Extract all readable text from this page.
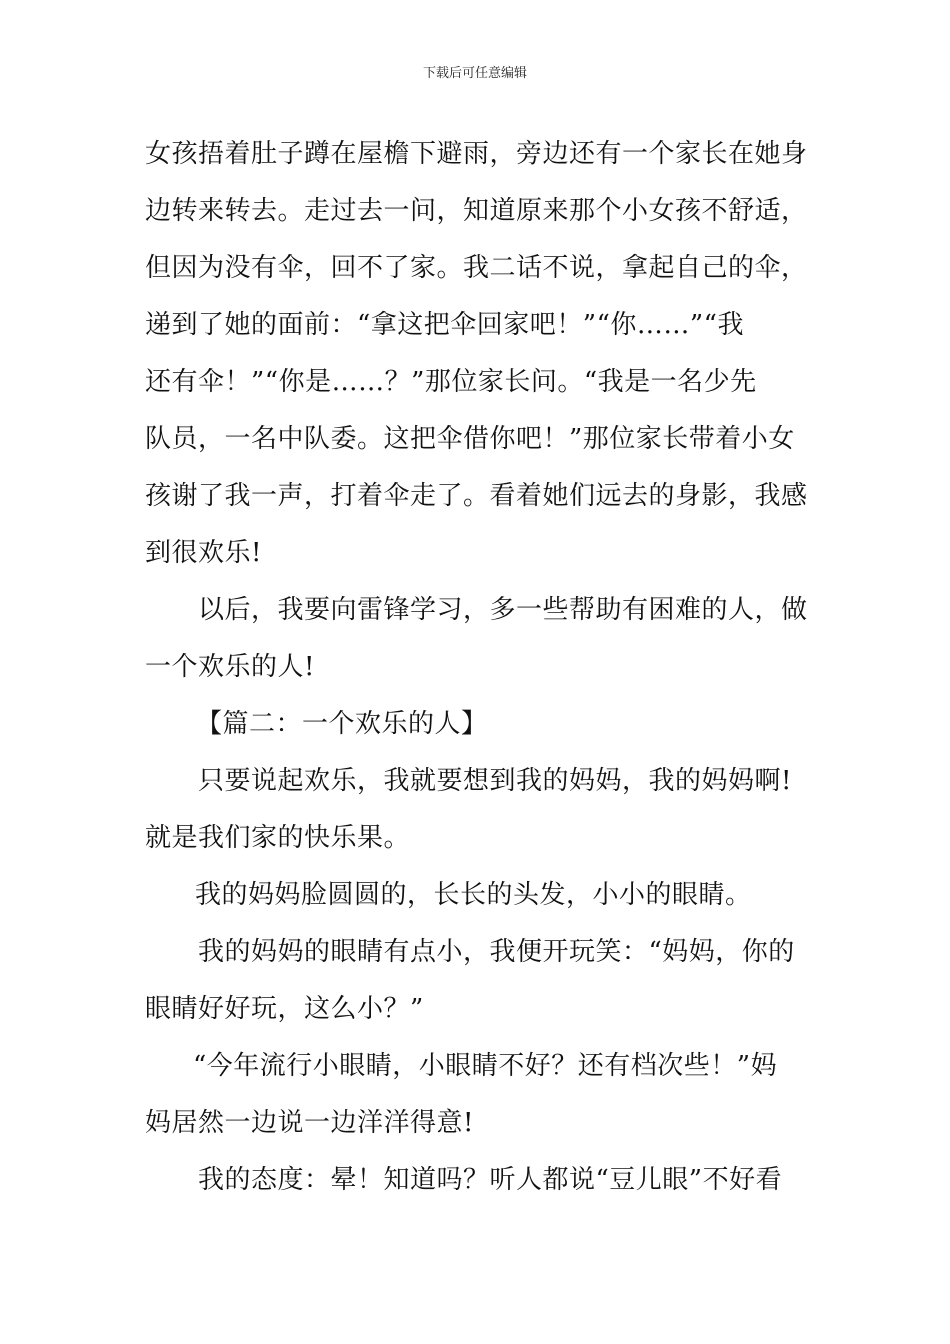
下载后可任意编辑
女孩捂着肚子蹲在屋檐下避雨，旁边还有一个家长在她身
边转来转去。走过去一问，知道原来那个小女孩不舒适，
但因为没有伞，回不了家。我二话不说，拿起自己的伞，
递到了她的面前：“拿这把伞回家吧！”“你……”“我
还有伞！”“你是……？”那位家长问。“我是一名少先
队员，一名中队委。这把伞借你吧！”那位家长带着小女
孩谢了我一声，打着伞走了。看着她们远去的身影，我感
到很欢乐!
以后，我要向雷锋学习，多一些帮助有困难的人，做
一个欢乐的人!
【篇二：一个欢乐的人】
只要说起欢乐，我就要想到我的妈妈，我的妈妈啊!
就是我们家的快乐果。
我的妈妈脸圆圆的，长长的头发，小小的眼睛。
我的妈妈的眼睛有点小，我便开玩笑：“妈妈，你的
眼睛好好玩，这么小？”
“今年流行小眼睛，小眼睛不好？还有档次些！”妈
妈居然一边说一边洋洋得意!
我的态度：晕！知道吗？听人都说“豆儿眼”不好看
